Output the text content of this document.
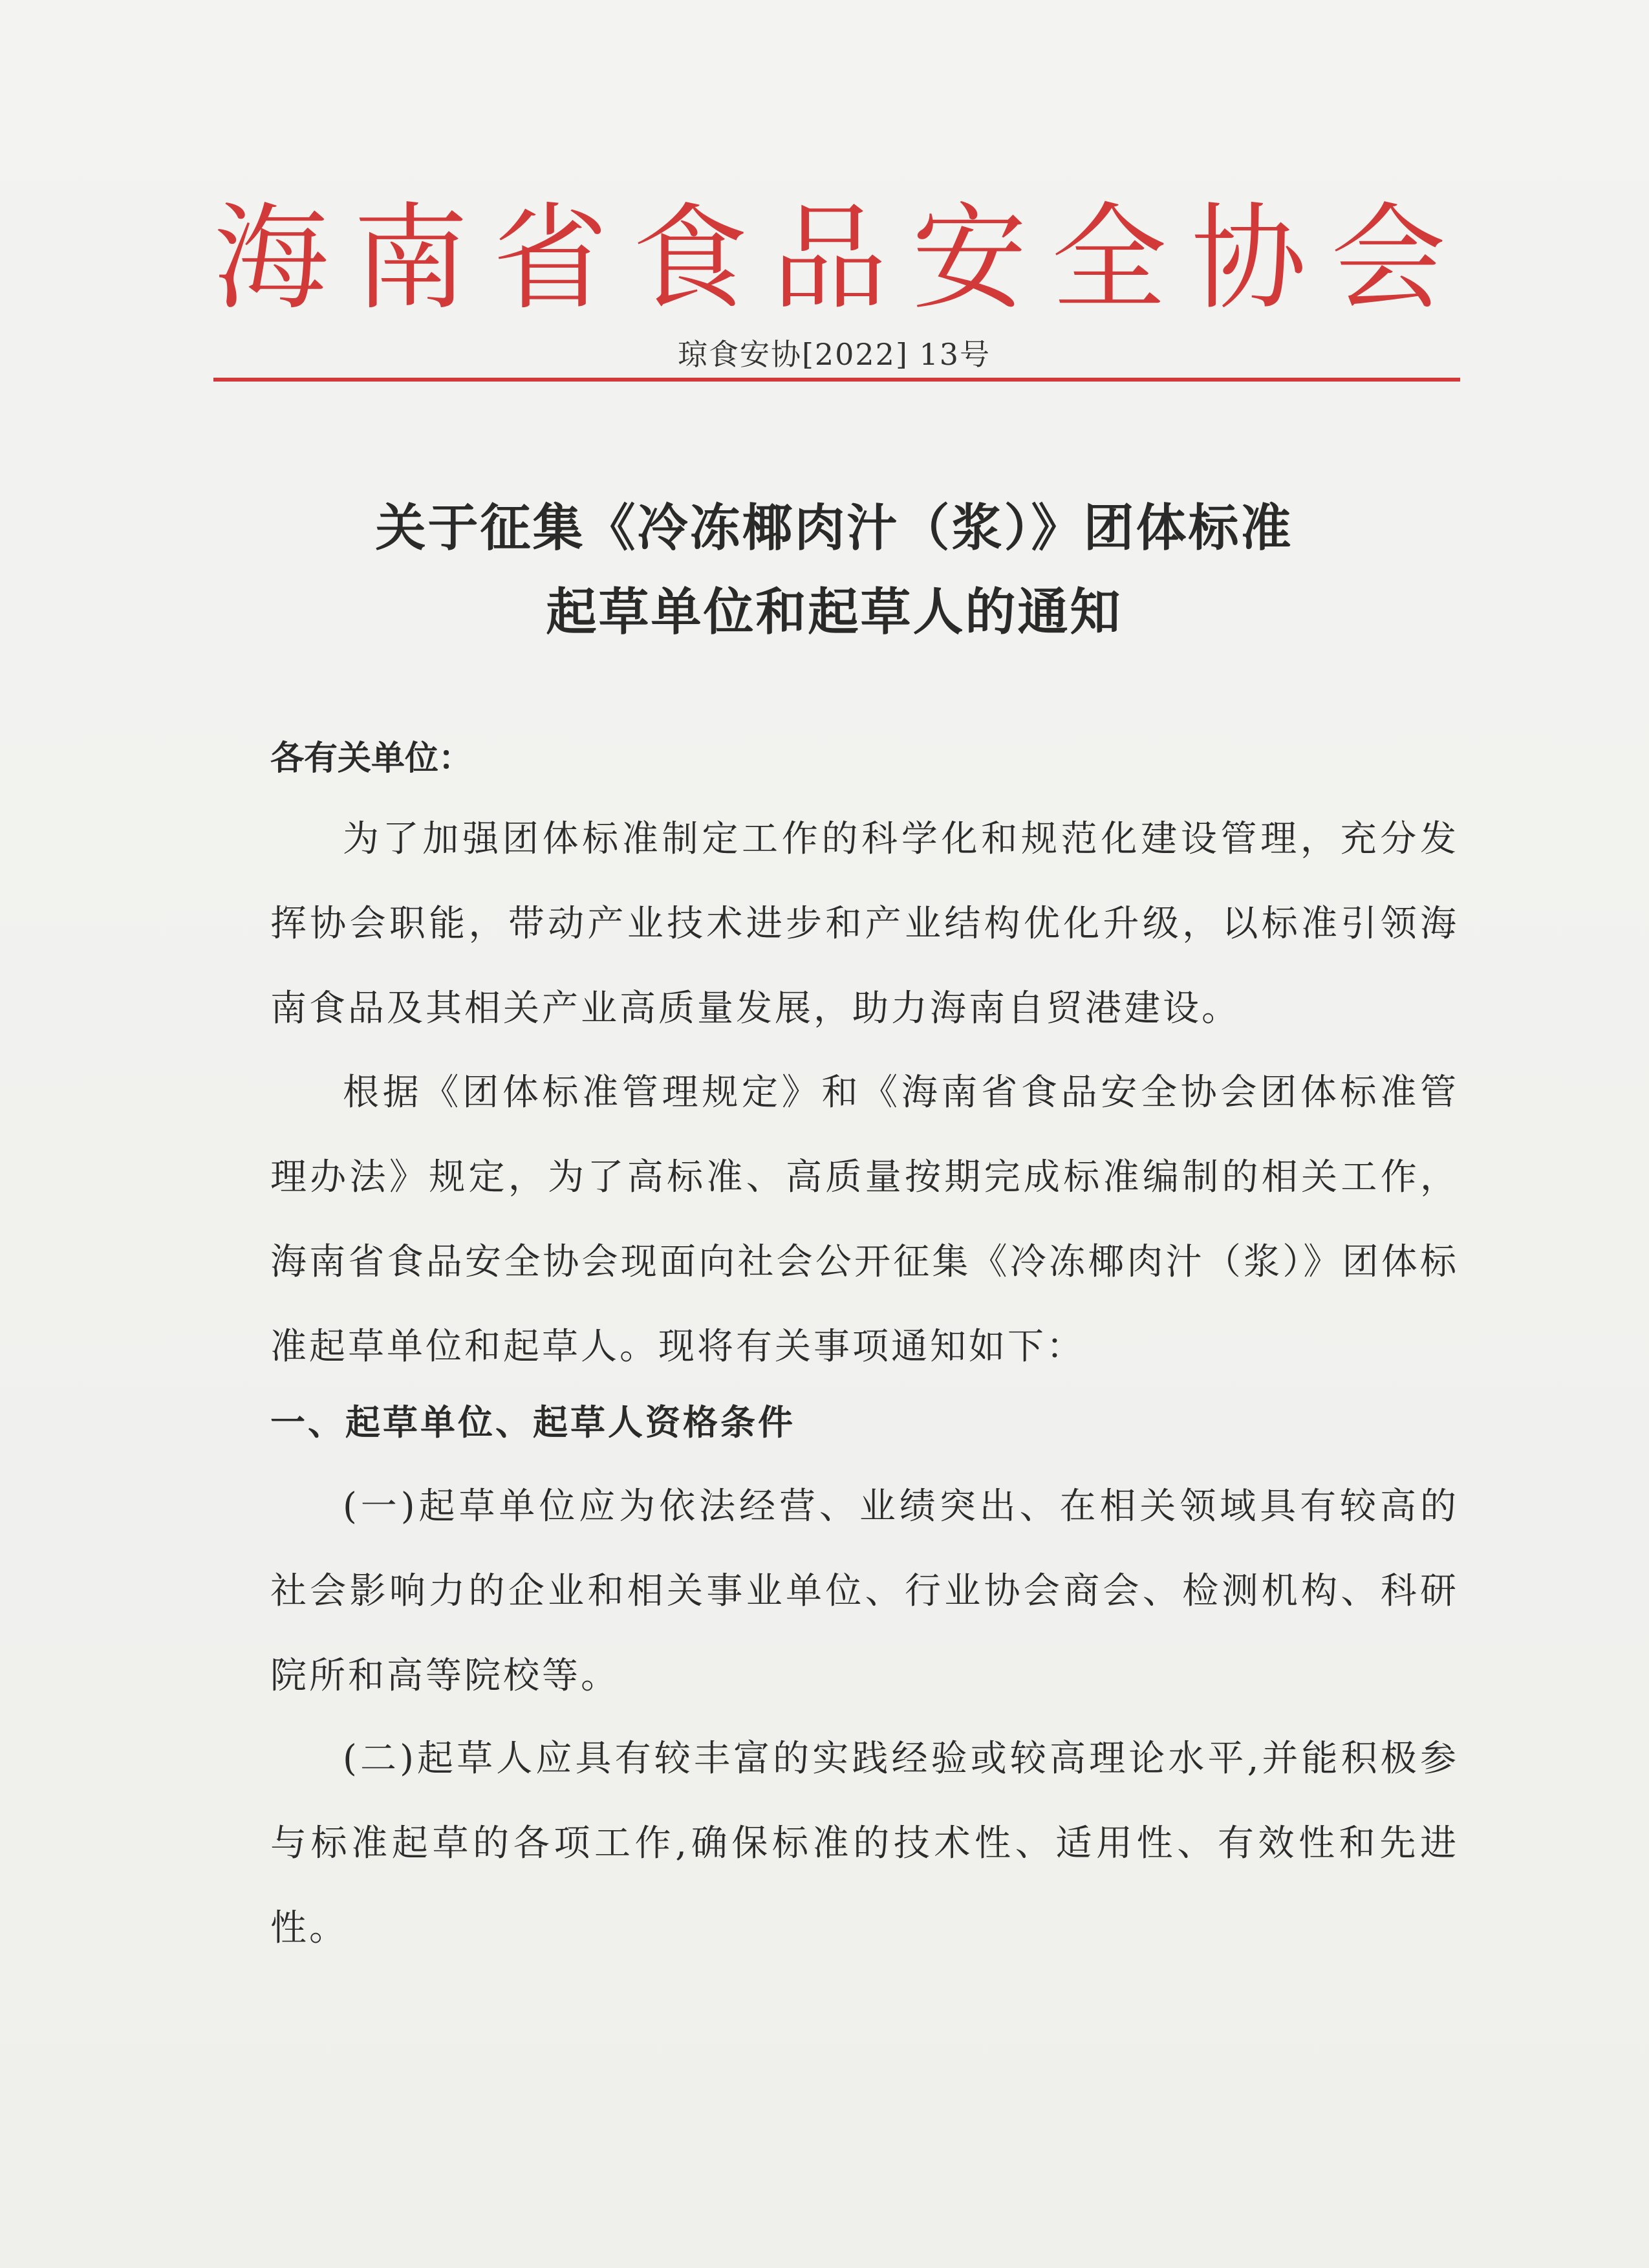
海南省食品安全协会
琼食安协[2022] 13号
关于征集《冷冻椰肉汁（浆）》团体标准
起草单位和起草人的通知
各有关单位：
为了加强团体标准制定工作的科学化和规范化建设管理，充分发挥协会职能，带动产业技术进步和产业结构优化升级，以标准引领海南食品及其相关产业高质量发展，助力海南自贸港建设。
根据《团体标准管理规定》和《海南省食品安全协会团体标准管理办法》规定，为了高标准、高质量按期完成标准编制的相关工作，海南省食品安全协会现面向社会公开征集《冷冻椰肉汁（浆）》团体标准起草单位和起草人。现将有关事项通知如下：
一、起草单位、起草人资格条件
(一)起草单位应为依法经营、业绩突出、在相关领域具有较高的社会影响力的企业和相关事业单位、行业协会商会、检测机构、科研院所和高等院校等。
(二)起草人应具有较丰富的实践经验或较高理论水平,并能积极参与标准起草的各项工作,确保标准的技术性、适用性、有效性和先进性。
